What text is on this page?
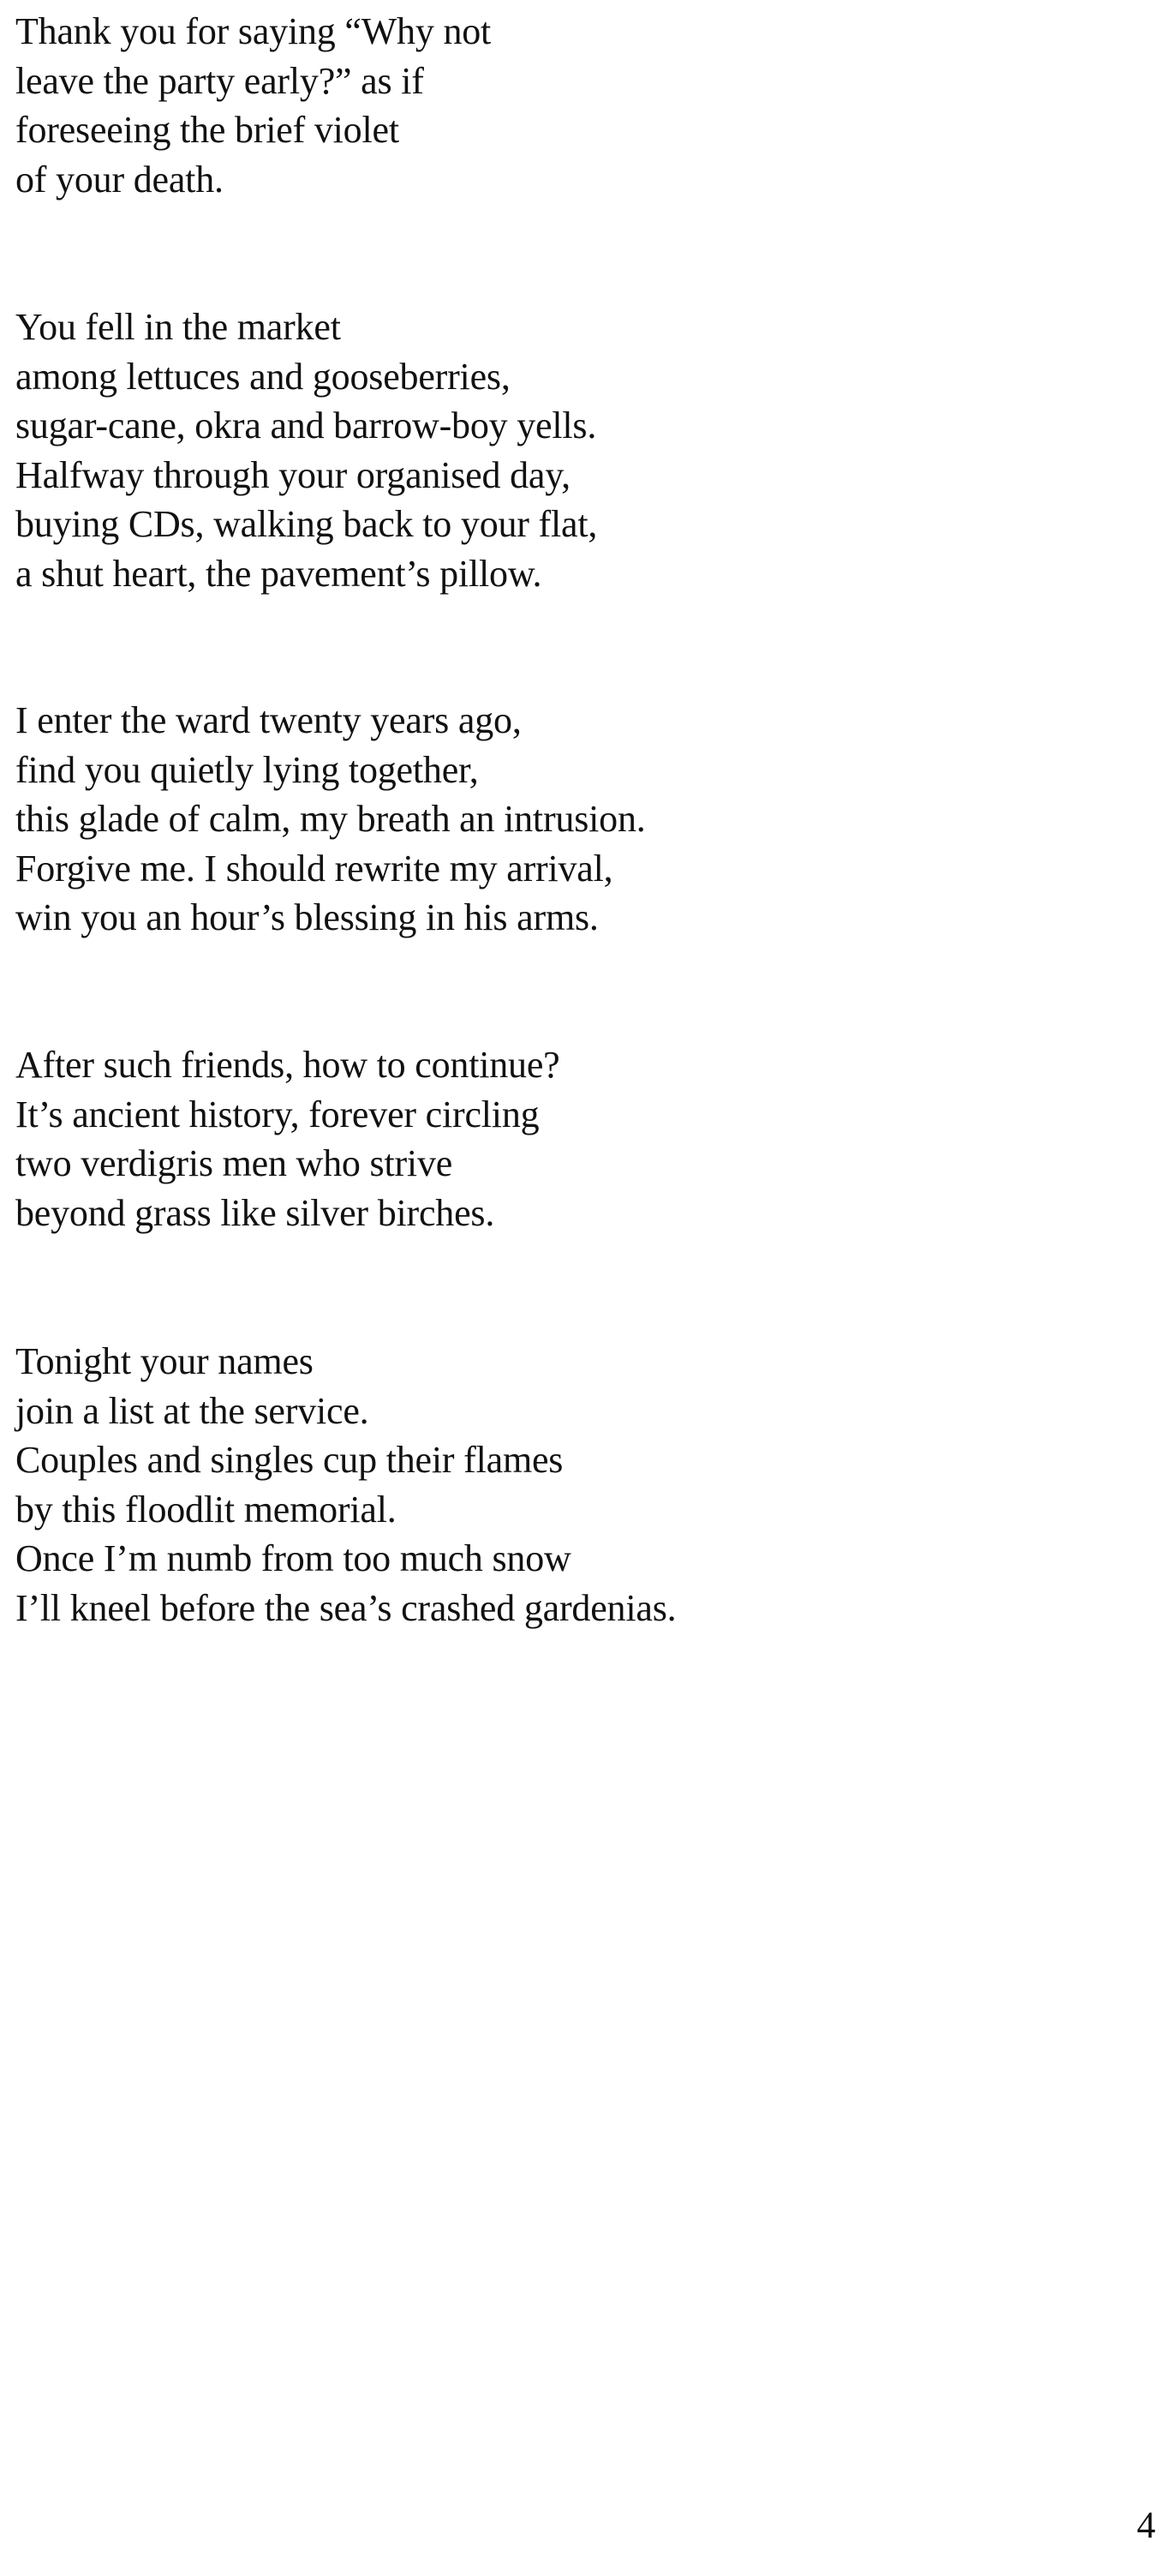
Thank you for saying “Why not
leave the party early?” as if
foreseeing the brief violet
of your death.
You fell in the market
among lettuces and gooseberries,
sugar-cane, okra and barrow-boy yells.
Halfway through your organised day,
buying CDs, walking back to your flat,
a shut heart, the pavement’s pillow.
I enter the ward twenty years ago,
find you quietly lying together,
this glade of calm, my breath an intrusion.
Forgive me. I should rewrite my arrival,
win you an hour’s blessing in his arms.
After such friends, how to continue?
It’s ancient history, forever circling
two verdigris men who strive
beyond grass like silver birches.
Tonight your names
join a list at the service.
Couples and singles cup their flames
by this floodlit memorial.
Once I’m numb from too much snow
I’ll kneel before the sea’s crashed gardenias.

4
